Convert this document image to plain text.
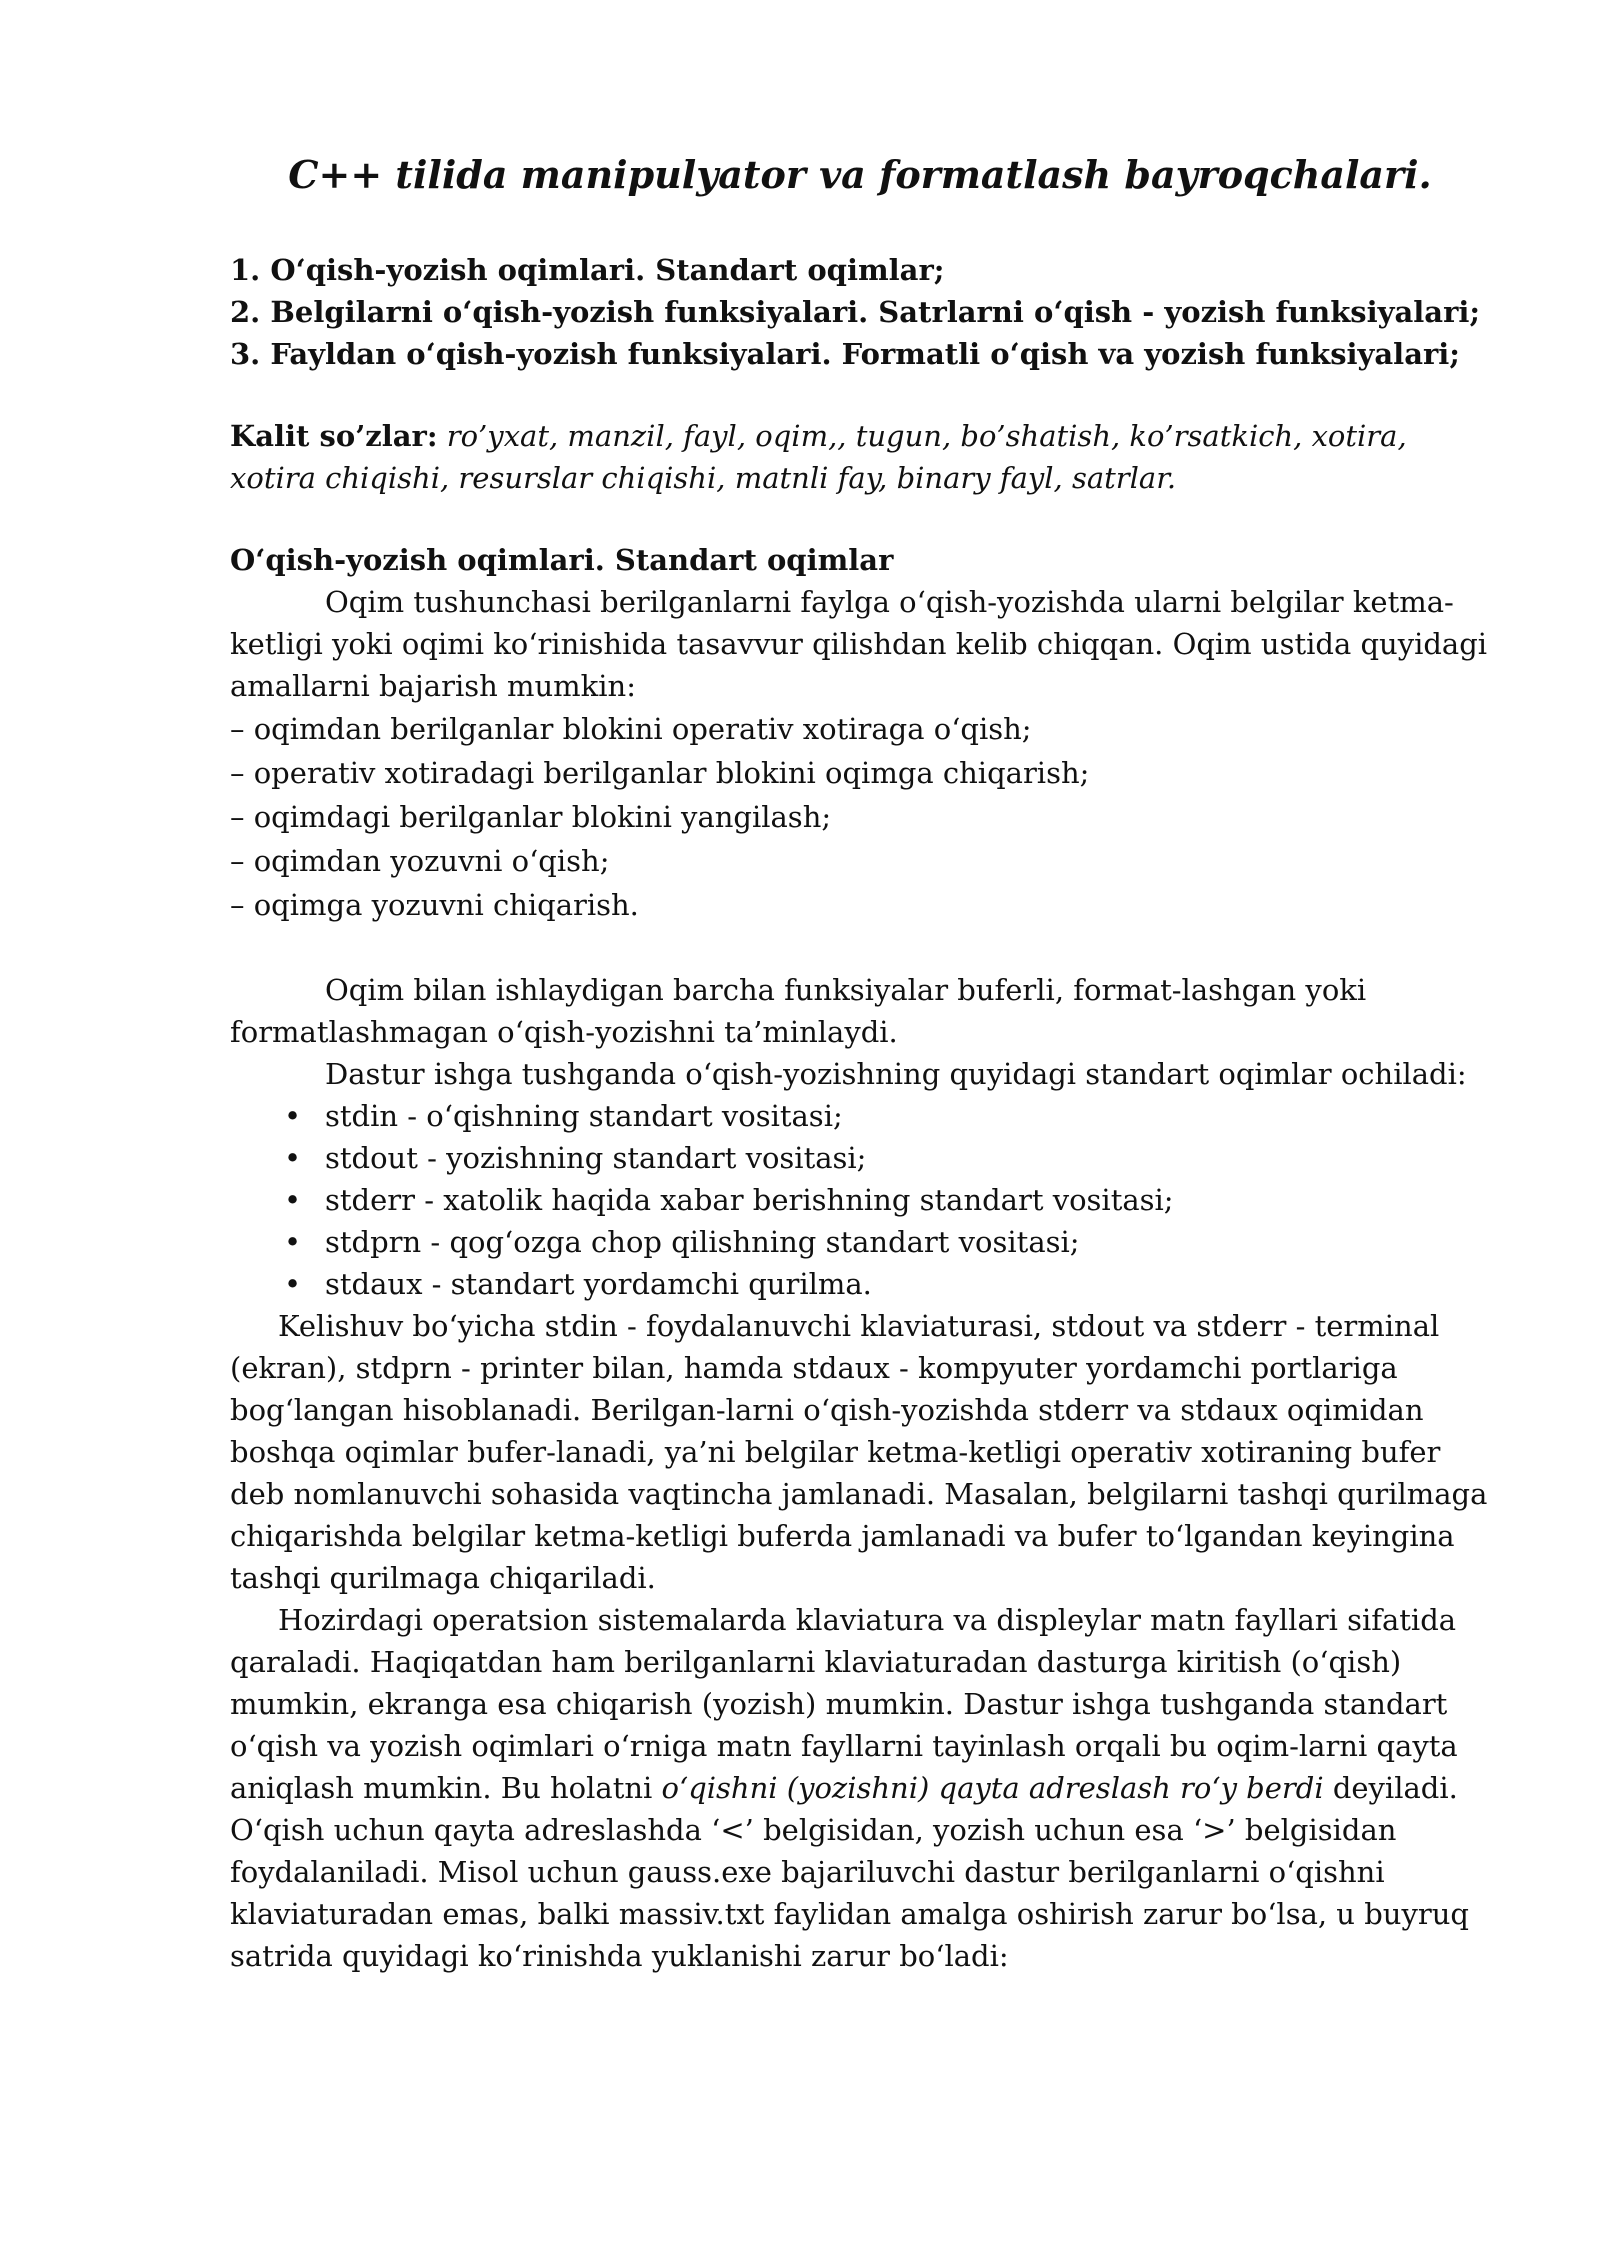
C++ tilida manipulyator va formatlash bayroqchalari.
1. O‘qish-yozish oqimlari. Standart oqimlar;
2. Belgilarni o‘qish-yozish funksiyalari. Satrlarni o‘qish - yozish funksiyalari;
3. Fayldan o‘qish-yozish funksiyalari. Formatli o‘qish va yozish funksiyalari;
Kalit so’zlar: ro’yxat, manzil, fayl, oqim,, tugun, bo’shatish, ko’rsatkich, xotira, xotira chiqishi, resurslar chiqishi, matnli fay, binary fayl, satrlar.
O‘qish-yozish oqimlari. Standart oqimlar

Oqim tushunchasi berilganlarni faylga o‘qish-yozishda ularni belgilar ketma-ketligi yoki oqimi ko‘rinishida tasavvur qilishdan kelib chiqqan. Oqim ustida quyidagi amallarni bajarish mumkin:

– oqimdan berilganlar blokini operativ xotiraga o‘qish;
– operativ xotiradagi berilganlar blokini oqimga chiqarish;
– oqimdagi berilganlar blokini yangilash;
– oqimdan yozuvni o‘qish;
– oqimga yozuvni chiqarish.

Oqim bilan ishlaydigan barcha funksiyalar buferli, format-lashgan yoki formatlashmagan o‘qish-yozishni ta’minlaydi.

Dastur ishga tushganda o‘qish-yozishning quyidagi standart oqimlar ochiladi:

• stdin - o‘qishning standart vositasi;
• stdout - yozishning standart vositasi;
• stderr - xatolik haqida xabar berishning standart vositasi;
• stdprn - qog‘ozga chop qilishning standart vositasi;
• stdaux - standart yordamchi qurilma.

Kelishuv bo‘yicha stdin - foydalanuvchi klaviaturasi, stdout va stderr - terminal (ekran), stdprn - printer bilan, hamda stdaux - kompyuter yordamchi portlariga bog‘langan hisoblanadi. Berilgan-larni o‘qish-yozishda stderr va stdaux oqimidan boshqa oqimlar bufer-lanadi, ya’ni belgilar ketma-ketligi operativ xotiraning bufer deb nomlanuvchi sohasida vaqtincha jamlanadi. Masalan, belgilarni tashqi qurilmaga chiqarishda belgilar ketma-ketligi buferda jamlanadi va bufer to‘lgandan keyingina tashqi qurilmaga chiqariladi.

Hozirdagi operatsion sistemalarda klaviatura va displeylar matn fayllari sifatida qaraladi. Haqiqatdan ham berilganlarni klaviaturadan dasturga kiritish (o‘qish) mumkin, ekranga esa chiqarish (yozish) mumkin. Dastur ishga tushganda standart o‘qish va yozish oqimlari o‘rniga matn fayllarni tayinlash orqali bu oqim-larni qayta aniqlash mumkin. Bu holatni o‘qishni (yozishni) qayta adreslash ro‘y berdi deyiladi. O‘qish uchun qayta adreslashda ‘<’ belgisidan, yozish uchun esa ‘>’ belgisidan foydalaniladi. Misol uchun gauss.exe bajariluvchi dastur berilganlarni o‘qishni klaviaturadan emas, balki massiv.txt faylidan amalga oshirish zarur bo‘lsa, u buyruq satrida quyidagi ko‘rinishda yuklanishi zarur bo‘ladi:
